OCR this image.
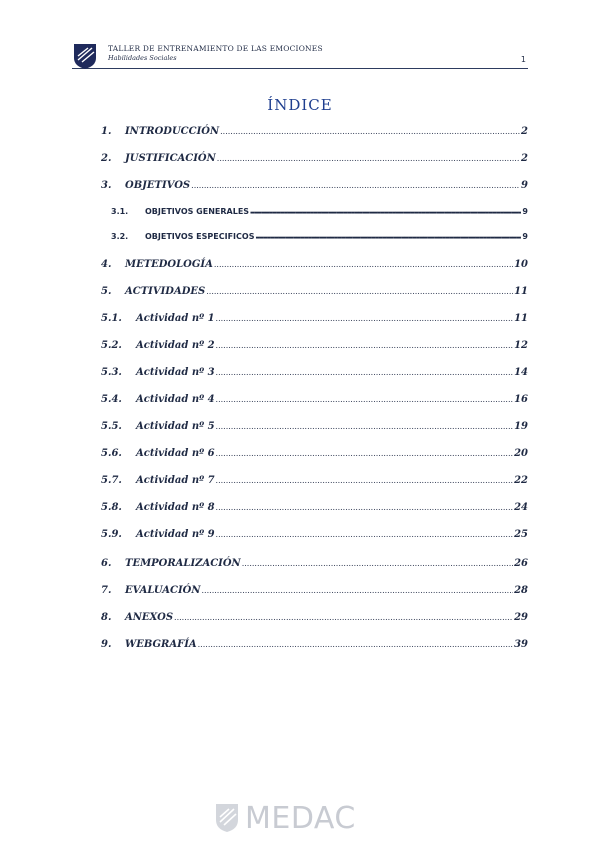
TALLER DE ENTRENAMIENTO DE LAS EMOCIONES
Habilidades Sociales	1
ÍNDICE
1.	INTRODUCCIÓN .....	2
2.	JUSTIFICACIÓN .....	2
3.	OBJETIVOS .....	9
3.1.	OBJETIVOS GENERALES ▬▬▬▬▬▬▬▬▬▬▬▬▬▬▬▬▬▬▬▬▬▬▬▬▬▬▬▬▬▬▬▬▬▬▬▬▬▬▬▬▬▬▬▬▬▬▬▬▬▬▬▬▬▬▬▬▬▬▬▬▬▬▬▬▬▬▬▬▬▬▬▬▬▬▬▬	9
3.2.	OBJETIVOS ESPECIFICOS ▬▬▬▬▬▬▬▬▬▬▬▬▬▬▬▬▬▬▬▬▬▬▬▬▬▬▬▬▬▬▬▬▬▬▬▬▬▬▬▬▬▬▬▬▬▬▬▬▬▬▬▬▬▬▬▬▬▬▬▬▬▬▬▬▬▬▬▬▬▬▬▬▬▬▬▬	9
4.	METEDOLOGÍA .....	10
5.	ACTIVIDADES .....	11
5.1.	Actividad nº 1 .....	11
5.2.	Actividad nº 2 .....	12
5.3.	Actividad nº 3 .....	14
5.4.	Actividad nº 4 .....	16
5.5.	Actividad nº 5 .....	19
5.6.	Actividad nº 6 .....	20
5.7.	Actividad nº 7 .....	22
5.8.	Actividad nº 8 .....	24
5.9.	Actividad nº 9 .....	25
6.	TEMPORALIZACIÓN .....	26
7.	EVALUACIÓN .....	28
8.	ANEXOS .....	29
9.	WEBGRAFÍA .....	39
MEDAC
